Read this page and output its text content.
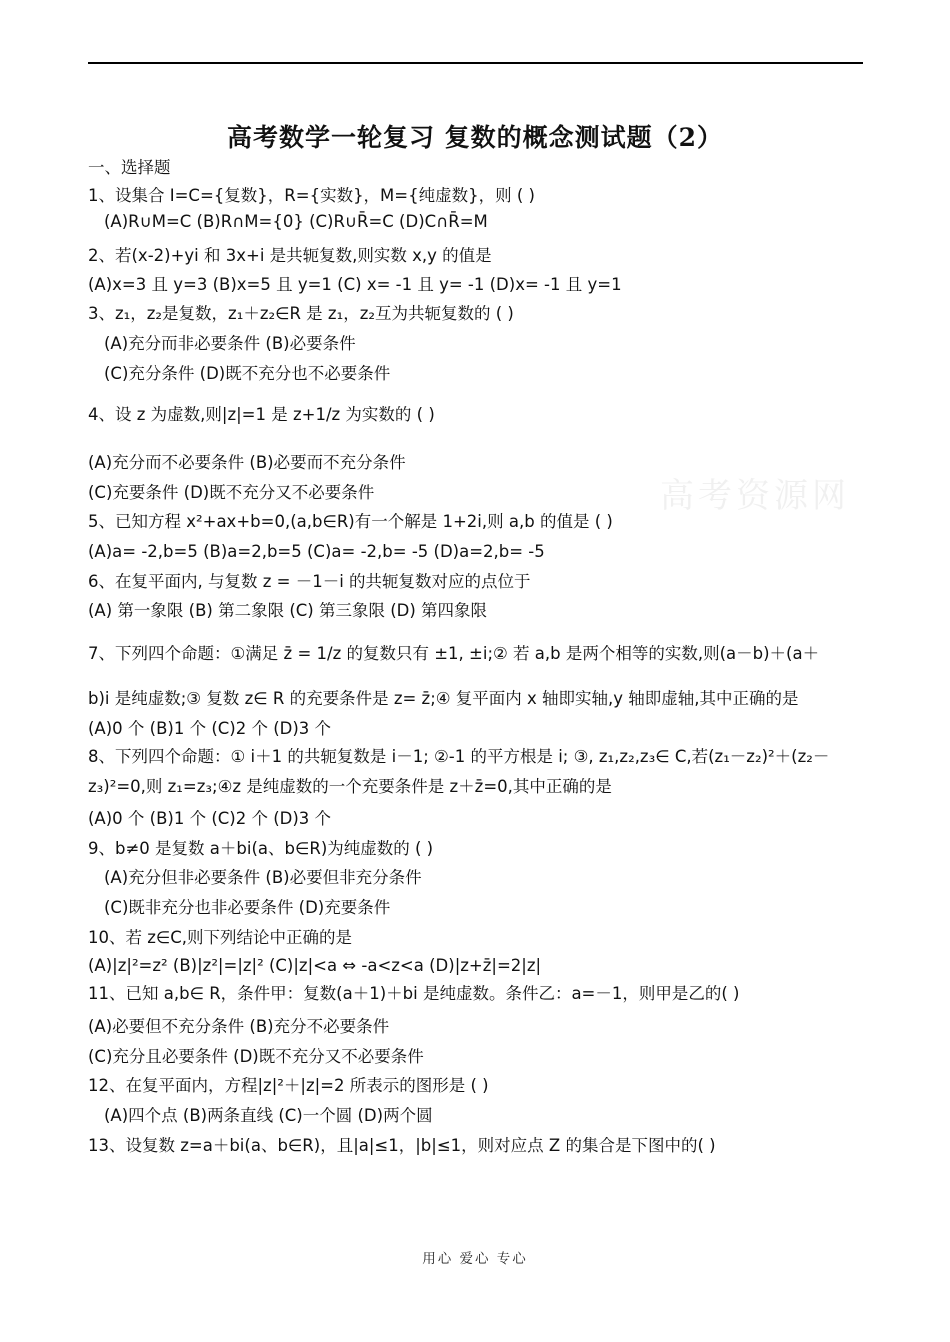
高考数学一轮复习 复数的概念测试题（2）
高考资源网
一、选择题
1、设集合 I=C={复数}，R={实数}，M={纯虚数}，则 ( )
(A)R∪M=C (B)R∩M={0} (C)R∪R̄=C (D)C∩R̄=M
2、若(x-2)+yi 和 3x+i 是共轭复数,则实数 x,y 的值是
(A)x=3 且 y=3 (B)x=5 且 y=1 (C) x= -1 且 y= -1 (D)x= -1 且 y=1
3、z₁，z₂是复数，z₁＋z₂∈R 是 z₁，z₂互为共轭复数的 ( )
(A)充分而非必要条件 (B)必要条件
(C)充分条件 (D)既不充分也不必要条件
4、设 z 为虚数,则|z|=1 是 z+1/z 为实数的 ( )
(A)充分而不必要条件 (B)必要而不充分条件
(C)充要条件 (D)既不充分又不必要条件
5、已知方程 x²+ax+b=0,(a,b∈R)有一个解是 1+2i,则 a,b 的值是 ( )
(A)a= -2,b=5 (B)a=2,b=5 (C)a= -2,b= -5 (D)a=2,b= -5
6、在复平面内, 与复数 z = －1－i 的共轭复数对应的点位于
(A) 第一象限 (B) 第二象限 (C) 第三象限 (D) 第四象限
7、下列四个命题：①满足 z̄ = 1/z 的复数只有 ±1, ±i;② 若 a,b 是两个相等的实数,则(a－b)＋(a＋
b)i 是纯虚数;③ 复数 z∈ R 的充要条件是 z= z̄;④ 复平面内 x 轴即实轴,y 轴即虚轴,其中正确的是
(A)0 个 (B)1 个 (C)2 个 (D)3 个
8、下列四个命题：① i＋1 的共轭复数是 i－1; ②-1 的平方根是 i; ③, z₁,z₂,z₃∈ C,若(z₁－z₂)²＋(z₂－
z₃)²=0,则 z₁=z₃;④z 是纯虚数的一个充要条件是 z＋z̄=0,其中正确的是
(A)0 个 (B)1 个 (C)2 个 (D)3 个
9、b≠0 是复数 a＋bi(a、b∈R)为纯虚数的 ( )
(A)充分但非必要条件 (B)必要但非充分条件
(C)既非充分也非必要条件 (D)充要条件
10、若 z∈C,则下列结论中正确的是
(A)|z|²=z² (B)|z²|=|z|² (C)|z|<a ⇔ -a<z<a (D)|z+z̄|=2|z|
11、已知 a,b∈ R，条件甲：复数(a＋1)＋bi 是纯虚数。条件乙：a=－1，则甲是乙的( )
(A)必要但不充分条件 (B)充分不必要条件
(C)充分且必要条件 (D)既不充分又不必要条件
12、在复平面内，方程|z|²＋|z|=2 所表示的图形是 ( )
(A)四个点 (B)两条直线 (C)一个圆 (D)两个圆
13、设复数 z=a＋bi(a、b∈R)，且|a|≤1，|b|≤1，则对应点 Z 的集合是下图中的( )
用心 爱心 专心
